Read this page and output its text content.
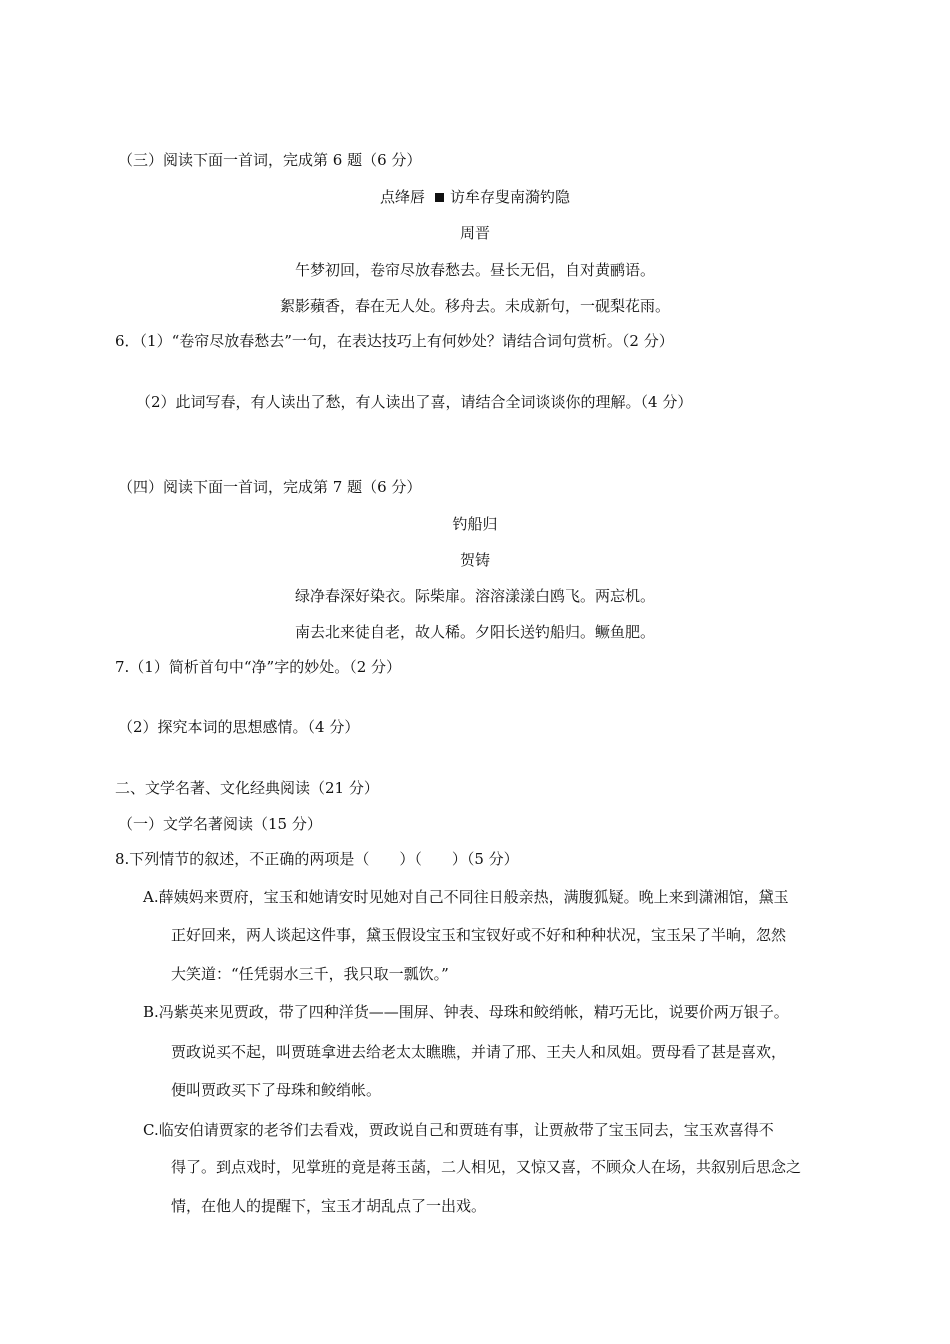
（三）阅读下面一首词，完成第 6 题（6 分）
点绛唇 访牟存叟南漪钓隐
周晋
午梦初回，卷帘尽放春愁去。昼长无侣，自对黄鹂语。
絮影蘋香，春在无人处。移舟去。未成新句，一砚梨花雨。
6．（1）“卷帘尽放春愁去”一句，在表达技巧上有何妙处？请结合词句赏析。（2 分）
（2）此词写春，有人读出了愁，有人读出了喜，请结合全词谈谈你的理解。（4 分）
（四）阅读下面一首词，完成第 7 题（6 分）
钓船归
贺铸
绿净春深好染衣。际柴扉。溶溶漾漾白鸥飞。两忘机。
南去北来徒自老，故人稀。夕阳长送钓船归。鳜鱼肥。
7.（1）简析首句中“净”字的妙处。（2 分）
（2）探究本词的思想感情。（4 分）
二、文学名著、文化经典阅读（21 分）
（一）文学名著阅读（15 分）
8.下列情节的叙述，不正确的两项是（　　）（　　）（5 分）
A.薛姨妈来贾府，宝玉和她请安时见她对自己不同往日般亲热，满腹狐疑。晚上来到潇湘馆，黛玉
正好回来，两人谈起这件事，黛玉假设宝玉和宝钗好或不好和种种状况，宝玉呆了半晌，忽然
大笑道：“任凭弱水三千，我只取一瓢饮。”
B.冯紫英来见贾政，带了四种洋货——围屏、钟表、母珠和鲛绡帐，精巧无比，说要价两万银子。
贾政说买不起，叫贾琏拿进去给老太太瞧瞧，并请了邢、王夫人和凤姐。贾母看了甚是喜欢，
便叫贾政买下了母珠和鲛绡帐。
C.临安伯请贾家的老爷们去看戏，贾政说自己和贾琏有事，让贾赦带了宝玉同去，宝玉欢喜得不
得了。到点戏时，见掌班的竟是蒋玉菡，二人相见，又惊又喜，不顾众人在场，共叙别后思念之
情，在他人的提醒下，宝玉才胡乱点了一出戏。
